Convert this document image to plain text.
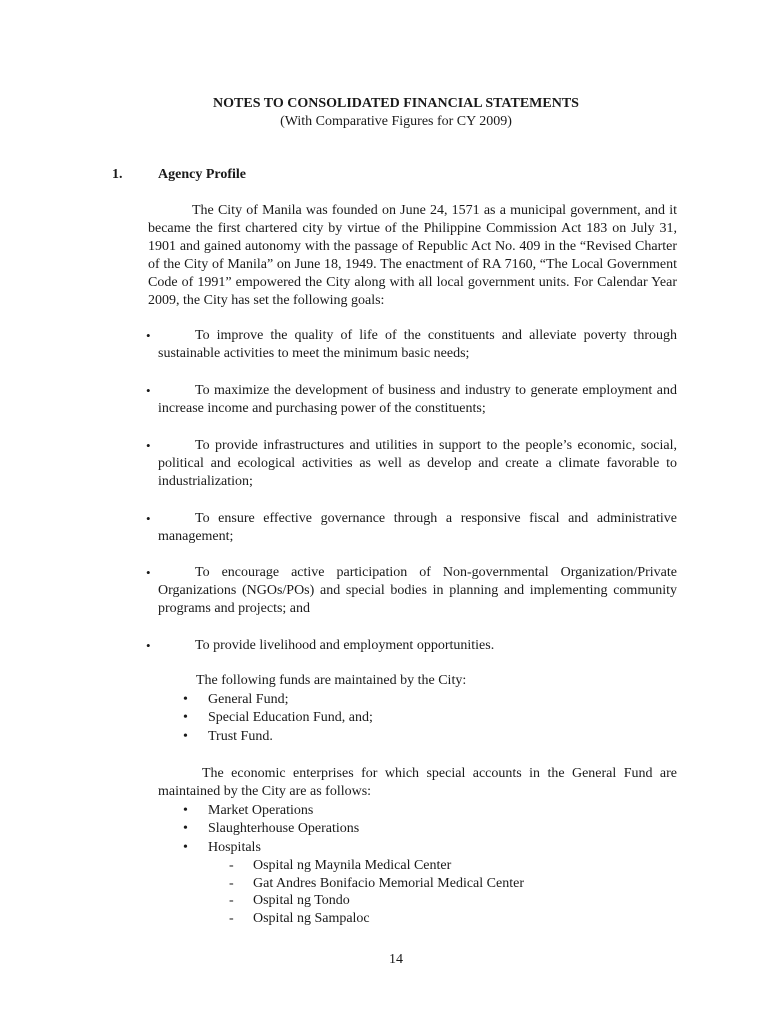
NOTES TO CONSOLIDATED FINANCIAL STATEMENTS
(With Comparative Figures for CY 2009)
1.	Agency Profile
The City of Manila was founded on June 24, 1571 as a municipal government, and it became the first chartered city by virtue of the Philippine Commission Act 183 on July 31, 1901 and gained autonomy with the passage of Republic Act No. 409 in the “Revised Charter of the City of Manila” on June 18, 1949. The enactment of RA 7160, “The Local Government Code of 1991” empowered the City along with all local government units. For Calendar Year 2009, the City has set the following goals:
•	To improve the quality of life of the constituents and alleviate poverty through sustainable activities to meet the minimum basic needs;
•	To maximize the development of business and industry to generate employment and increase income and purchasing power of the constituents;
•	To provide infrastructures and utilities in support to the people’s economic, social, political and ecological activities as well as develop and create a climate favorable to industrialization;
•	To ensure effective governance through a responsive fiscal and administrative management;
•	To encourage active participation of Non-governmental Organization/Private Organizations (NGOs/POs) and special bodies in planning and implementing community programs and projects; and
•	To provide livelihood and employment opportunities.
The following funds are maintained by the City:
• General Fund;
• Special Education Fund, and;
• Trust Fund.
The economic enterprises for which special accounts in the General Fund are maintained by the City are as follows:
• Market Operations
• Slaughterhouse Operations
• Hospitals
- Ospital ng Maynila Medical Center
- Gat Andres Bonifacio Memorial Medical Center
- Ospital ng Tondo
- Ospital ng Sampaloc
14
